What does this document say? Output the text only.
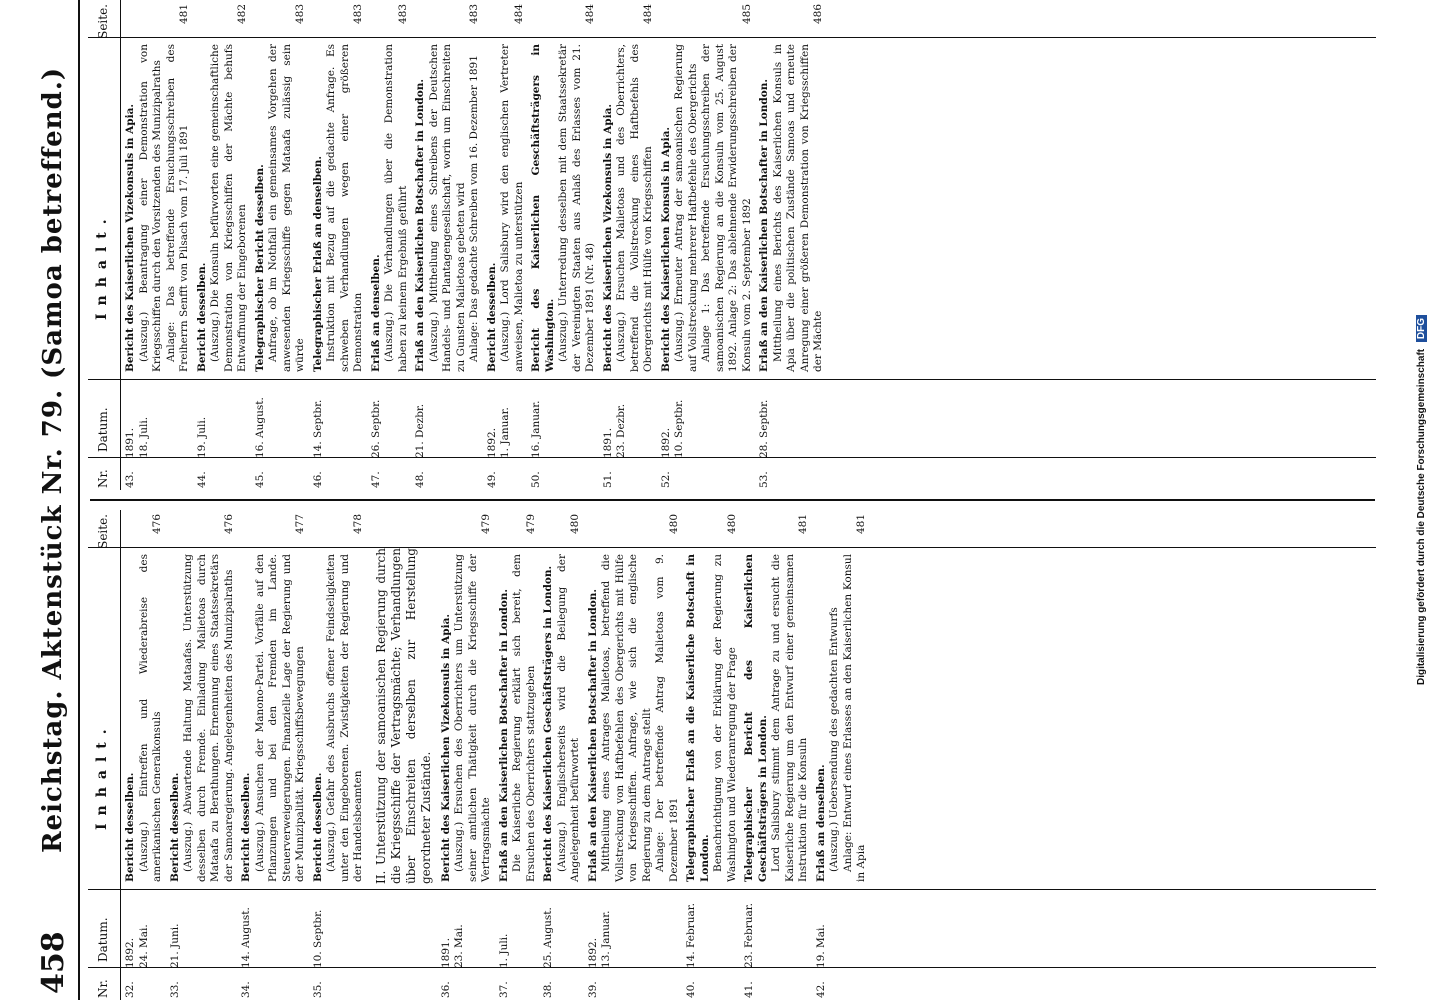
458
Reichstag. Aktenstück Nr. 79. (Samoa betreffend.)
Nr.
Datum.
Inhalt.
Seite.
32.
1892. 24. Mai.
Bericht desselben. (Auszug.) Eintreffen und Wiederabreise des amerikanischen Generalkonsuls
476
33.
21. Juni.
Bericht desselben. (Auszug.) Abwartende Haltung Mataafas. Unterstützung desselben durch Fremde. Einladung Malietoas durch Mataafa zu Berathungen. Ernennung eines Staatssekretärs der Samoaregierung. Angelegenheiten des Munizipalraths
476
34.
14. August.
Bericht desselben. (Auszug.) Ansuchen der Manono-Partei. Vorfälle auf den Pflanzungen und bei den Fremden im Lande. Steuerverweigerungen. Finanzielle Lage der Regierung und der Munizipalität. Kriegsschiffsbewegungen
477
35.
10. Septbr.
Bericht desselben. (Auszug.) Gefahr des Ausbruchs offener Feindseligkeiten unter den Eingeborenen. Zwistigkeiten der Regierung und der Handelsbeamten
478
II. Unterstützung der samoanischen Regierung durch die Kriegsschiffe der Vertragsmächte; Verhandlungen über Einschreiten derselben zur Herstellung geordneter Zustände.
36.
1891. 23. Mai.
Bericht des Kaiserlichen Vizekonsuls in Apia. (Auszug.) Ersuchen des Oberrichters um Unterstützung seiner amtlichen Thätigkeit durch die Kriegsschiffe der Vertragsmächte
479
37.
1. Juli.
Erlaß an den Kaiserlichen Botschafter in London. Die Kaiserliche Regierung erklärt sich bereit, dem Ersuchen des Oberrichters stattzugeben
479
38.
25. August.
Bericht des Kaiserlichen Geschäftsträgers in London. (Auszug.) Englischerseits wird die Beilegung der Angelegenheit befürwortet
480
39.
1892. 13. Januar.
Erlaß an den Kaiserlichen Botschafter in London. Mittheilung eines Antrages Malietoas, betreffend die Vollstreckung von Haftbefehlen des Obergerichts mit Hülfe von Kriegsschiffen. Anfrage, wie sich die englische Regierung zu dem Antrage stellt Anlage: Der betreffende Antrag Malietoas vom 9. Dezember 1891
480
40.
14. Februar.
Telegraphischer Erlaß an die Kaiserliche Botschaft in London. Benachrichtigung von der Erklärung der Regierung zu Washington und Wiederanregung der Frage
480
41.
23. Februar.
Telegraphischer Bericht des Kaiserlichen Geschäftsträgers in London. Lord Salisbury stimmt dem Antrage zu und ersucht die Kaiserliche Regierung um den Entwurf einer gemeinsamen Instruktion für die Konsuln
481
42.
19. Mai.
Erlaß an denselben. (Auszug.) Uebersendung des gedachten Entwurfs Anlage: Entwurf eines Erlasses an den Kaiserlichen Konsul in Apia
481
Nr.
Datum.
Inhalt.
Seite.
43.
1891. 18. Juli.
Bericht des Kaiserlichen Vizekonsuls in Apia. (Auszug.) Beantragung einer Demonstration von Kriegsschiffen durch den Vorsitzenden des Munizipalraths Anlage: Das betreffende Ersuchungsschreiben des Freiherrn Senfft von Pilsach vom 17. Juli 1891
481
44.
19. Juli.
Bericht desselben. (Auszug.) Die Konsuln befürworten eine gemeinschaftliche Demonstration von Kriegsschiffen der Mächte behufs Entwaffnung der Eingeborenen
482
45.
16. August.
Telegraphischer Bericht desselben. Anfrage, ob im Nothfall ein gemeinsames Vorgehen der anwesenden Kriegsschiffe gegen Mataafa zulässig sein würde
483
46.
14. Septbr.
Telegraphischer Erlaß an denselben. Instruktion mit Bezug auf die gedachte Anfrage. Es schweben Verhandlungen wegen einer größeren Demonstration
483
47.
26. Septbr.
Erlaß an denselben. (Auszug.) Die Verhandlungen über die Demonstration haben zu keinem Ergebniß geführt
483
48.
21. Dezbr.
Erlaß an den Kaiserlichen Botschafter in London. (Auszug.) Mittheilung eines Schreibens der Deutschen Handels- und Plantagengesellschaft, worin um Einschreiten zu Gunsten Malietoas gebeten wird Anlage: Das gedachte Schreiben vom 16. Dezember 1891
483
49.
1892. 1. Januar.
Bericht desselben. (Auszug.) Lord Salisbury wird den englischen Vertreter anweisen, Malietoa zu unterstützen
484
50.
16. Januar.
Bericht des Kaiserlichen Geschäftsträgers in Washington. (Auszug.) Unterredung desselben mit dem Staatssekretär der Vereinigten Staaten aus Anlaß des Erlasses vom 21. Dezember 1891 (Nr. 48)
484
51.
1891. 23. Dezbr.
Bericht des Kaiserlichen Vizekonsuls in Apia. (Auszug.) Ersuchen Malietoas und des Oberrichters, betreffend die Vollstreckung eines Haftbefehls des Obergerichts mit Hülfe von Kriegsschiffen
484
52.
1892. 10. Septbr.
Bericht des Kaiserlichen Konsuls in Apia. (Auszug.) Erneuter Antrag der samoanischen Regierung auf Vollstreckung mehrerer Haftbefehle des Obergerichts Anlage 1: Das betreffende Ersuchungsschreiben der samoanischen Regierung an die Konsuln vom 25. August 1892. Anlage 2: Das ablehnende Erwiderungsschreiben der Konsuln vom 2. September 1892
485
53.
28. Septbr.
Erlaß an den Kaiserlichen Botschafter in London. Mittheilung eines Berichts des Kaiserlichen Konsuls in Apia über die politischen Zustände Samoas und erneute Anregung einer größeren Demonstration von Kriegsschiffen der Mächte
486
Digitalisierung gefördert durch die Deutsche Forschungsgemeinschaft DFG
